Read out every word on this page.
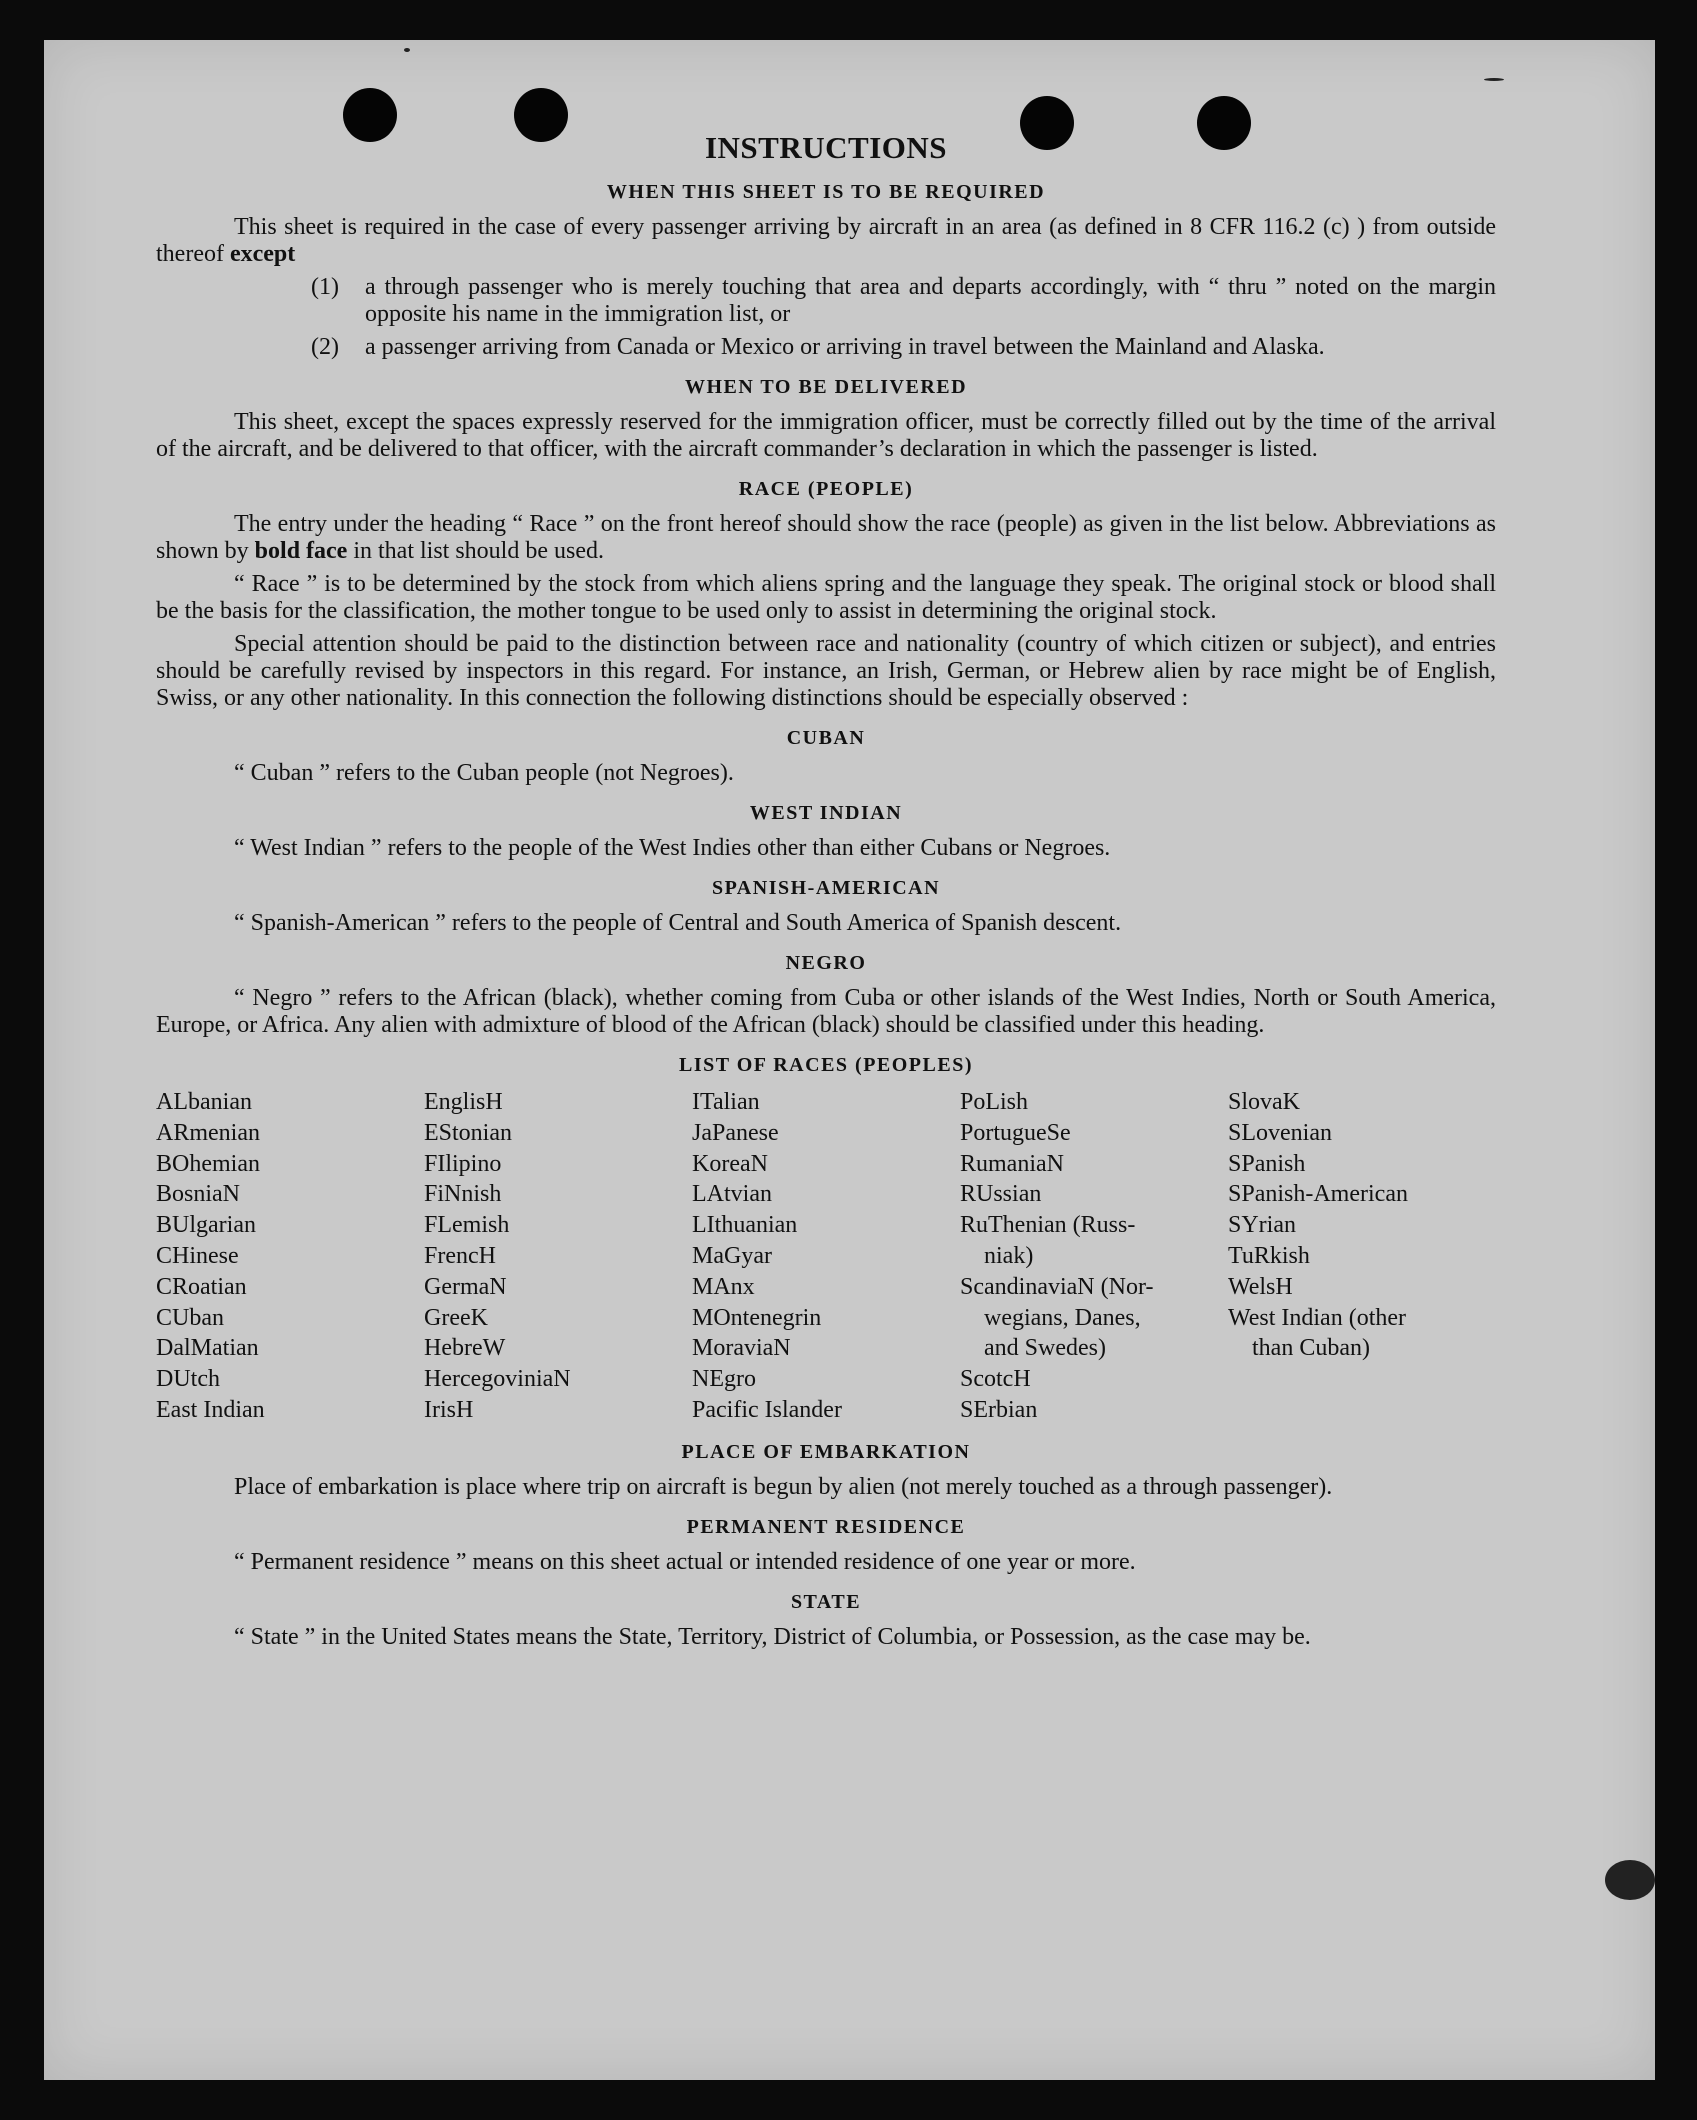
INSTRUCTIONS
WHEN THIS SHEET IS TO BE REQUIRED
This sheet is required in the case of every passenger arriving by aircraft in an area (as defined in 8 CFR 116.2 (c) ) from outside thereof except
(1)	a through passenger who is merely touching that area and departs accordingly, with “ thru ” noted on the margin opposite his name in the immigration list, or
(2)	a passenger arriving from Canada or Mexico or arriving in travel between the Mainland and Alaska.
WHEN TO BE DELIVERED
This sheet, except the spaces expressly reserved for the immigration officer, must be correctly filled out by the time of the arrival of the aircraft, and be delivered to that officer, with the aircraft commander’s declaration in which the passenger is listed.
RACE (PEOPLE)
The entry under the heading “ Race ” on the front hereof should show the race (people) as given in the list below. Abbreviations as shown by bold face in that list should be used.
“ Race ” is to be determined by the stock from which aliens spring and the language they speak. The original stock or blood shall be the basis for the classification, the mother tongue to be used only to assist in determining the original stock.
Special attention should be paid to the distinction between race and nationality (country of which citizen or subject), and entries should be carefully revised by inspectors in this regard. For instance, an Irish, German, or Hebrew alien by race might be of English, Swiss, or any other nationality. In this connection the following distinctions should be especially observed :
CUBAN
“ Cuban ” refers to the Cuban people (not Negroes).
WEST INDIAN
“ West Indian ” refers to the people of the West Indies other than either Cubans or Negroes.
SPANISH-AMERICAN
“ Spanish-American ” refers to the people of Central and South America of Spanish descent.
NEGRO
“ Negro ” refers to the African (black), whether coming from Cuba or other islands of the West Indies, North or South America, Europe, or Africa. Any alien with admixture of blood of the African (black) should be classified under this heading.
LIST OF RACES (PEOPLES)
ALbanian
ARmenian
BOhemian
BosniaN
BUlgarian
CHinese
CRoatian
CUban
DalMatian
DUtch
East Indian
EnglisH
EStonian
FIlipino
FiNnish
FLemish
FrencH
GermaN
GreeK
HebreW
HercegoviniaN
IrisH
ITalian
JaPanese
KoreaN
LAtvian
LIthuanian
MaGyar
MAnx
MOntenegrin
MoraviaN
NEgro
Pacific Islander
PoLish
PortugueSe
RumaniaN
RUssian
RuThenian (Russ-
niak)
ScandinaviaN (Nor-
wegians, Danes,
and Swedes)
ScotcH
SErbian
SlovaK
SLovenian
SPanish
SPanish-American
SYrian
TuRkish
WelsH
West Indian (other
than Cuban)
PLACE OF EMBARKATION
Place of embarkation is place where trip on aircraft is begun by alien (not merely touched as a through passenger).
PERMANENT RESIDENCE
“ Permanent residence ” means on this sheet actual or intended residence of one year or more.
STATE
“ State ” in the United States means the State, Territory, District of Columbia, or Possession, as the case may be.
